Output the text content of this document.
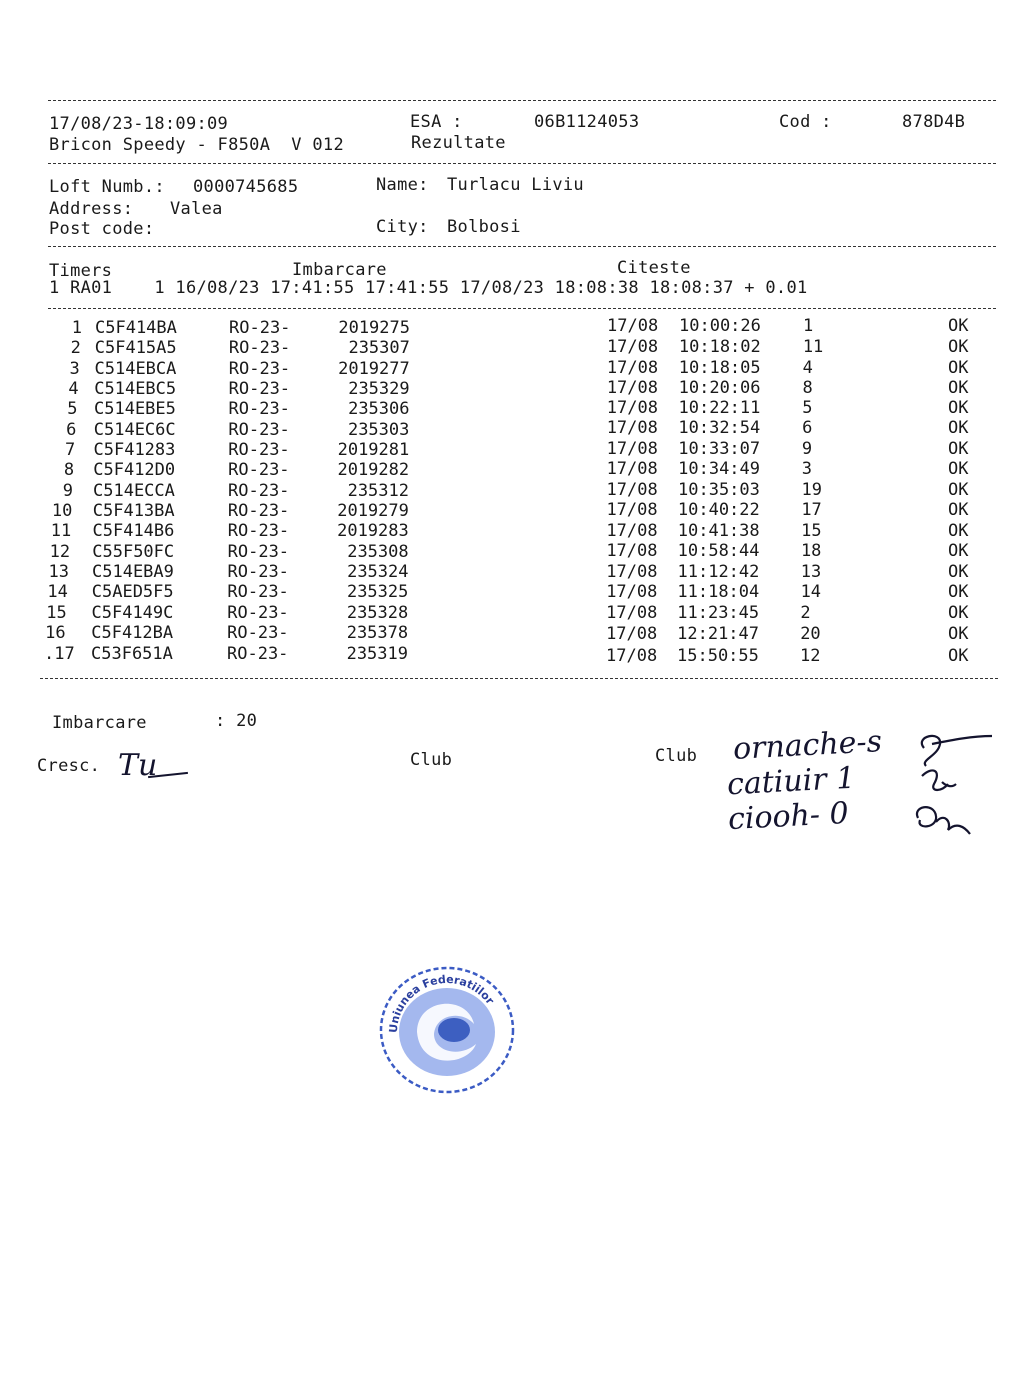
17/08/23-18:09:09	ESA :	06B1124053	Cod :	878D4B
Bricon Speedy - F850A  V 012	Rezultate
Loft Numb.: 0000745685	Name: Turlacu Liviu
Address: Valea
Post code:	City: Bolbosi
Timers	Imbarcare	Citeste
1 RA01    1 16/08/23 17:41:55 17:41:55 17/08/23 18:08:38 18:08:37 + 0.01
1 C5F414BA	RO-23-	2019275	17/08 10:00:26 1	OK
2 C5F415A5	RO-23-	235307	17/08 10:18:02 11	OK
3 C514EBCA	RO-23-	2019277	17/08 10:18:05 4	OK
4 C514EBC5	RO-23-	235329	17/08 10:20:06 8	OK
5 C514EBE5	RO-23-	235306	17/08 10:22:11 5	OK
6 C514EC6C	RO-23-	235303	17/08 10:32:54 6	OK
7 C5F41283	RO-23-	2019281	17/08 10:33:07 9	OK
8 C5F412D0	RO-23-	2019282	17/08 10:34:49 3	OK
9 C514ECCA	RO-23-	235312	17/08 10:35:03 19	OK
10 C5F413BA	RO-23-	2019279	17/08 10:40:22 17	OK
11 C5F414B6	RO-23-	2019283	17/08 10:41:38 15	OK
12 C55F50FC	RO-23-	235308	17/08 10:58:44 18	OK
13 C514EBA9	RO-23-	235324	17/08 11:12:42 13	OK
14 C5AED5F5	RO-23-	235325	17/08 11:18:04 14	OK
15 C5F4149C	RO-23-	235328	17/08 11:23:45 2	OK
16 C5F412BA	RO-23-	235378	17/08 12:21:47 20	OK
.17 C53F651A	RO-23-	235319	17/08 15:50:55 12	OK
Imbarcare	: 20
Cresc. Tu	Club	Club ornache-s
catiuir 1
ciooh- 0
Uniunea Federatiilor
